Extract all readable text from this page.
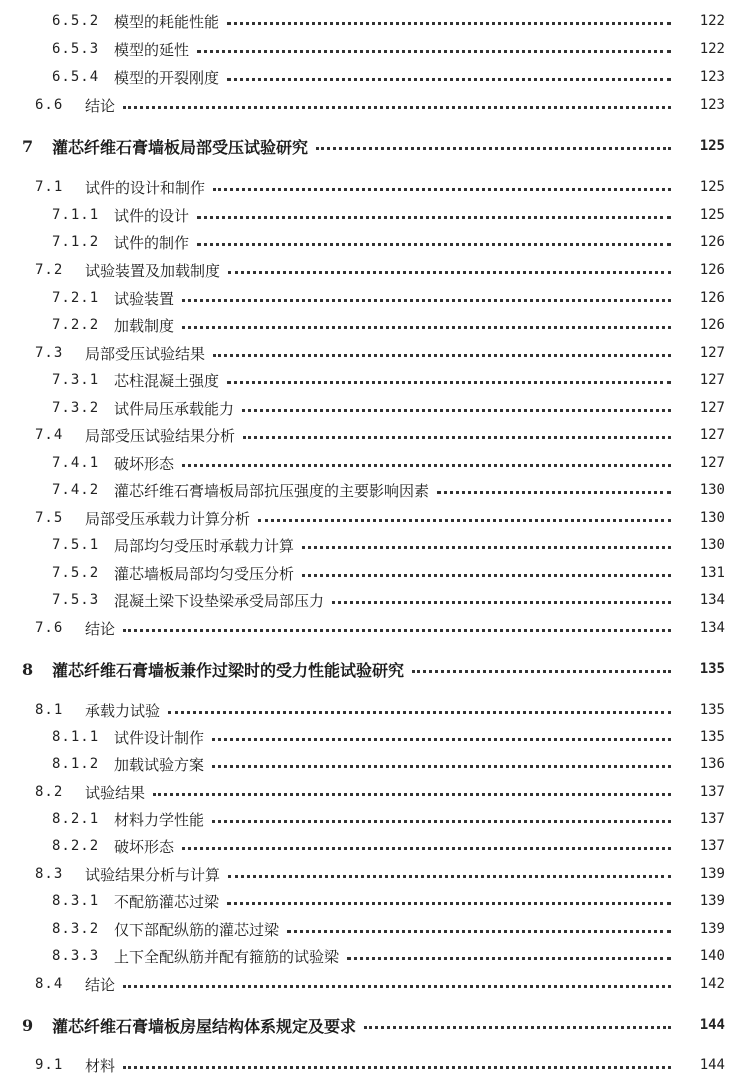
6.5.2 模型的耗能性能	122
6.5.3 模型的延性	122
6.5.4 模型的开裂刚度	123
6.6	结论	123
7	灌芯纤维石膏墙板局部受压试验研究	125
7.1	试件的设计和制作	125
7.1.1 试件的设计	125
7.1.2 试件的制作	126
7.2	试验装置及加载制度	126
7.2.1 试验装置	126
7.2.2 加载制度	126
7.3	局部受压试验结果	127
7.3.1 芯柱混凝土强度	127
7.3.2 试件局压承载能力	127
7.4	局部受压试验结果分析	127
7.4.1 破坏形态	127
7.4.2 灌芯纤维石膏墙板局部抗压强度的主要影响因素	130
7.5	局部受压承载力计算分析	130
7.5.1 局部均匀受压时承载力计算	130
7.5.2 灌芯墙板局部均匀受压分析	131
7.5.3 混凝土梁下设垫梁承受局部压力	134
7.6	结论	134
8	灌芯纤维石膏墙板兼作过梁时的受力性能试验研究	135
8.1	承载力试验	135
8.1.1 试件设计制作	135
8.1.2 加载试验方案	136
8.2	试验结果	137
8.2.1 材料力学性能	137
8.2.2 破坏形态	137
8.3	试验结果分析与计算	139
8.3.1 不配筋灌芯过梁	139
8.3.2 仅下部配纵筋的灌芯过梁	139
8.3.3 上下全配纵筋并配有箍筋的试验梁	140
8.4	结论	142
9	灌芯纤维石膏墙板房屋结构体系规定及要求	144
9.1	材料	144
